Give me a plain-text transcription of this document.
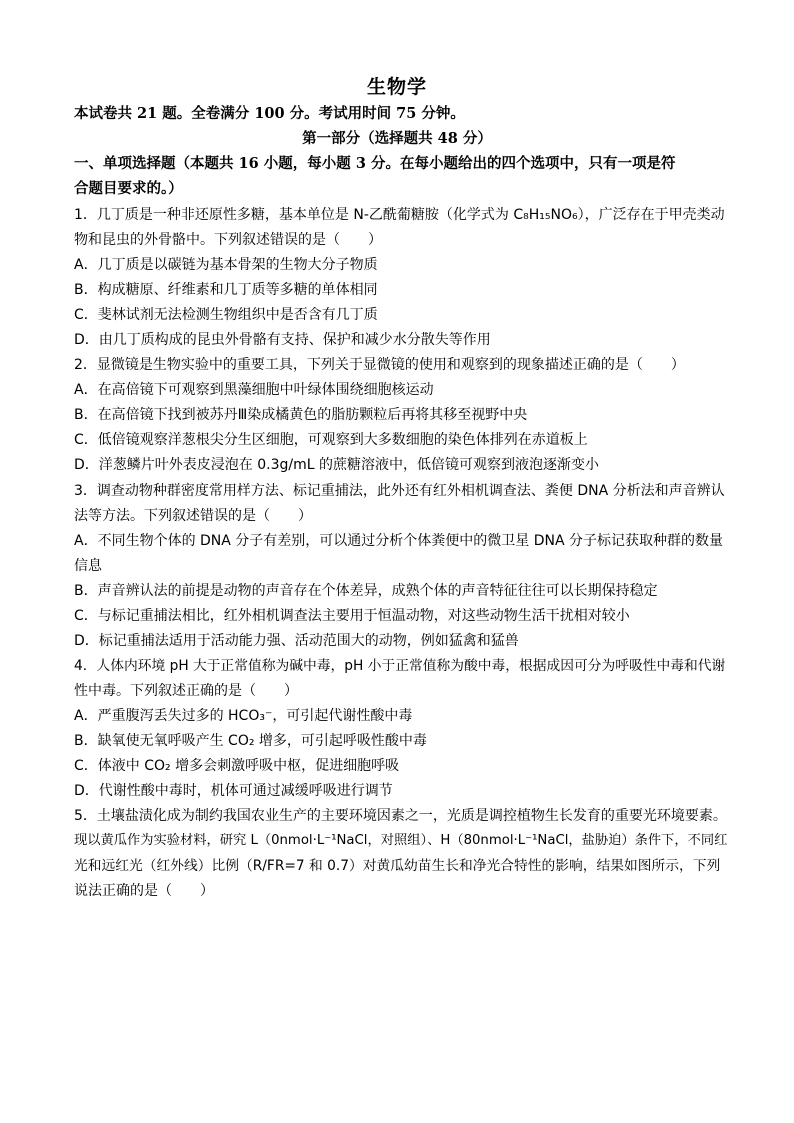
生物学
本试卷共 21 题。全卷满分 100 分。考试用时间 75 分钟。
第一部分（选择题共 48 分）
一、单项选择题（本题共 16 小题，每小题 3 分。在每小题给出的四个选项中，只有一项是符
合题目要求的。）
1．几丁质是一种非还原性多糖，基本单位是 N-乙酰葡糖胺（化学式为 C₈H₁₅NO₆），广泛存在于甲壳类动
物和昆虫的外骨骼中。下列叙述错误的是（　　）
A．几丁质是以碳链为基本骨架的生物大分子物质
B．构成糖原、纤维素和几丁质等多糖的单体相同
C．斐林试剂无法检测生物组织中是否含有几丁质
D．由几丁质构成的昆虫外骨骼有支持、保护和减少水分散失等作用
2．显微镜是生物实验中的重要工具，下列关于显微镜的使用和观察到的现象描述正确的是（　　）
A．在高倍镜下可观察到黑藻细胞中叶绿体围绕细胞核运动
B．在高倍镜下找到被苏丹Ⅲ染成橘黄色的脂肪颗粒后再将其移至视野中央
C．低倍镜观察洋葱根尖分生区细胞，可观察到大多数细胞的染色体排列在赤道板上
D．洋葱鳞片叶外表皮浸泡在 0.3g/mL 的蔗糖溶液中，低倍镜可观察到液泡逐渐变小
3．调查动物种群密度常用样方法、标记重捕法，此外还有红外相机调查法、粪便 DNA 分析法和声音辨认
法等方法。下列叙述错误的是（　　）
A．不同生物个体的 DNA 分子有差别，可以通过分析个体粪便中的微卫星 DNA 分子标记获取种群的数量
信息
B．声音辨认法的前提是动物的声音存在个体差异，成熟个体的声音特征往往可以长期保持稳定
C．与标记重捕法相比，红外相机调查法主要用于恒温动物，对这些动物生活干扰相对较小
D．标记重捕法适用于活动能力强、活动范围大的动物，例如猛禽和猛兽
4．人体内环境 pH 大于正常值称为碱中毒，pH 小于正常值称为酸中毒，根据成因可分为呼吸性中毒和代谢
性中毒。下列叙述正确的是（　　）
A．严重腹泻丢失过多的 HCO₃⁻，可引起代谢性酸中毒
B．缺氧使无氧呼吸产生 CO₂ 增多，可引起呼吸性酸中毒
C．体液中 CO₂ 增多会刺激呼吸中枢，促进细胞呼吸
D．代谢性酸中毒时，机体可通过减缓呼吸进行调节
5．土壤盐渍化成为制约我国农业生产的主要环境因素之一，光质是调控植物生长发育的重要光环境要素。
现以黄瓜作为实验材料，研究 L（0nmol·L⁻¹NaCl，对照组）、H（80nmol·L⁻¹NaCl，盐胁迫）条件下，不同红
光和远红光（红外线）比例（R/FR=7 和 0.7）对黄瓜幼苗生长和净光合特性的影响，结果如图所示，下列
说法正确的是（　　）
